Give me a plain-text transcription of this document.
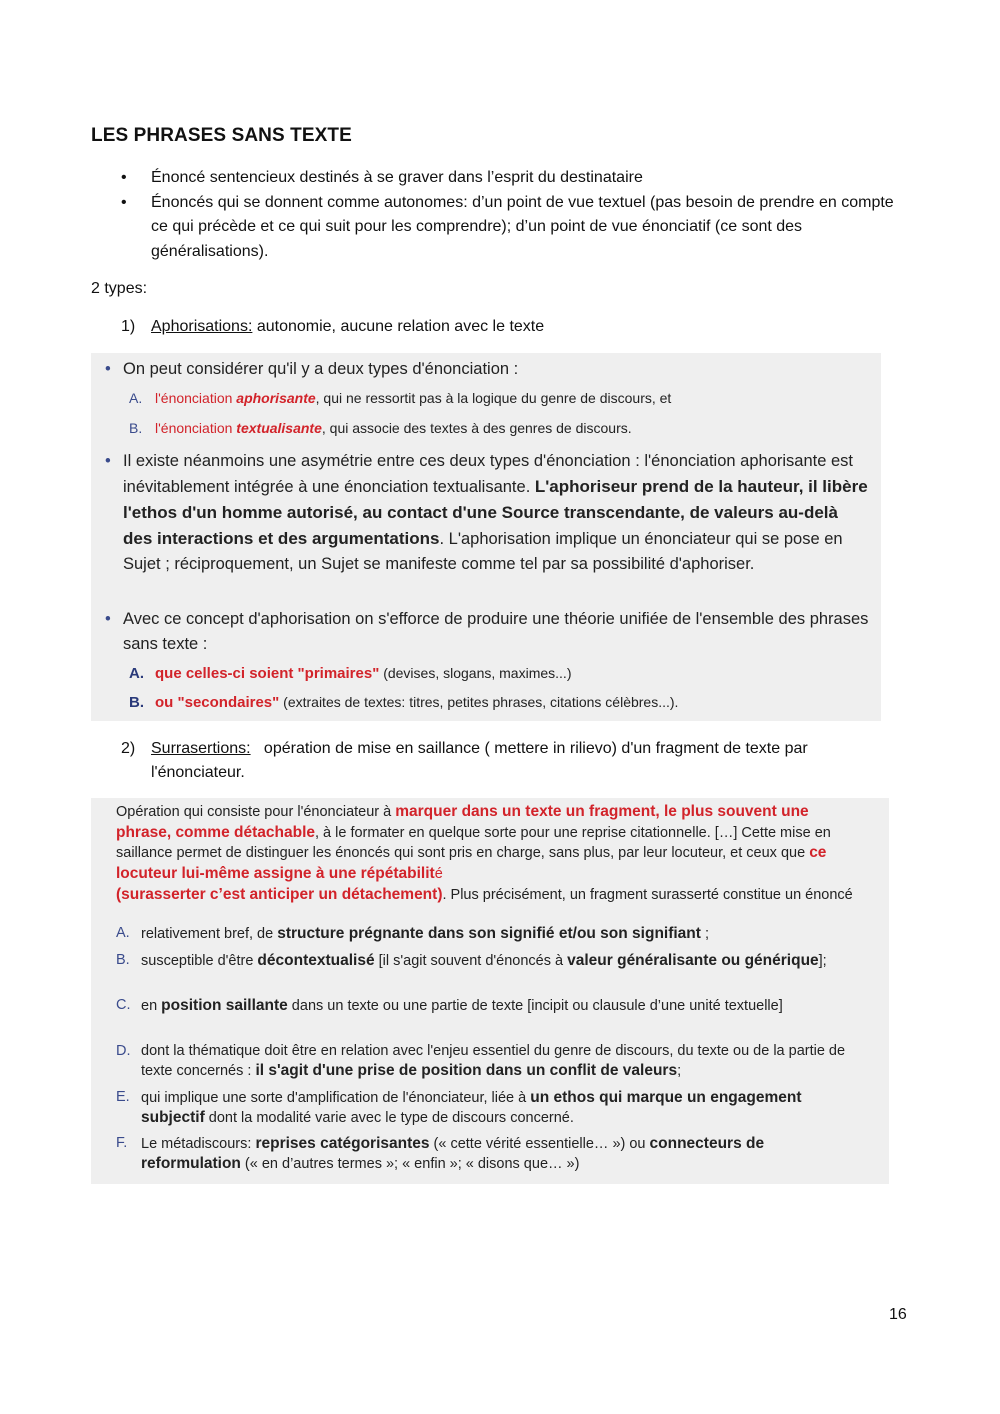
LES PHRASES SANS TEXTE
• Énoncé sentencieux destinés à se graver dans l’esprit du destinataire
• Énoncés qui se donnent comme autonomes: d’un point de vue textuel (pas besoin de prendre en compte ce qui précède et ce qui suit pour les comprendre); d’un point de vue énonciatif (ce sont des généralisations).
2 types:
1) Aphorisations: autonomie, aucune relation avec le texte
• On peut considérer qu'il y a deux types d'énonciation :
A. l'énonciation aphorisante, qui ne ressortit pas à la logique du genre de discours, et
B. l'énonciation textualisante, qui associe des textes à des genres de discours.
• Il existe néanmoins une asymétrie entre ces deux types d'énonciation : l'énonciation aphorisante est inévitablement intégrée à une énonciation textualisante. L'aphoriseur prend de la hauteur, il libère l'ethos d'un homme autorisé, au contact d'une Source transcendante, de valeurs au-delà des interactions et des argumentations. L'aphorisation implique un énonciateur qui se pose en Sujet ; réciproquement, un Sujet se manifeste comme tel par sa possibilité d'aphoriser.
• Avec ce concept d'aphorisation on s'efforce de produire une théorie unifiée de l'ensemble des phrases sans texte :
A. que celles-ci soient "primaires" (devises, slogans, maximes...)
B. ou "secondaires" (extraites de textes: titres, petites phrases, citations célèbres...).
2) Surrasertions:   opération de mise en saillance ( mettere in rilievo) d'un fragment de texte par l'énonciateur.
Opération qui consiste pour l'énonciateur à marquer dans un texte un fragment, le plus souvent une phrase, comme détachable, à le formater en quelque sorte pour une reprise citationnelle. […] Cette mise en saillance permet de distinguer les énoncés qui sont pris en charge, sans plus, par leur locuteur, et ceux que ce locuteur lui-même assigne à une répétabilité
(surasserter c’est anticiper un détachement). Plus précisément, un fragment surasserté constitue un énoncé
A. relativement bref, de structure prégnante dans son signifié et/ou son signifiant ;
B. susceptible d'être décontextualisé [il s'agit souvent d'énoncés à valeur généralisante ou générique];
C. en position saillante dans un texte ou une partie de texte [incipit ou clausule d’une unité textuelle]
D. dont la thématique doit être en relation avec l'enjeu essentiel du genre de discours, du texte ou de la partie de texte concernés : il s'agit d'une prise de position dans un conflit de valeurs;
E. qui implique une sorte d'amplification de l'énonciateur, liée à un ethos qui marque un engagement subjectif dont la modalité varie avec le type de discours concerné.
F. Le métadiscours: reprises catégorisantes (« cette vérité essentielle… ») ou connecteurs de reformulation (« en d’autres termes »; « enfin »; « disons que… »)
16
